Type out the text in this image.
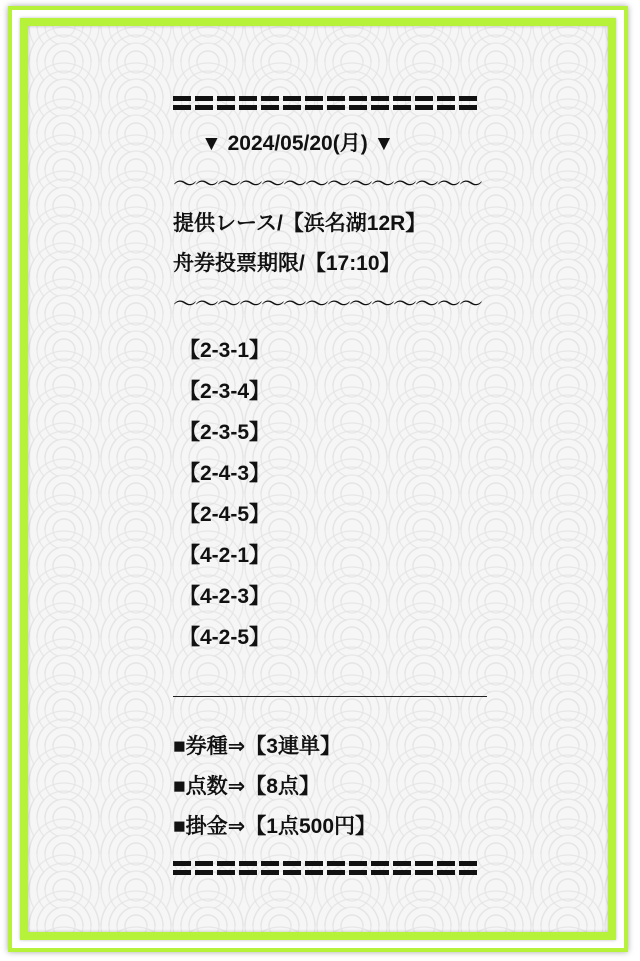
▼ 2024/05/20(月) ▼
〜〜〜〜〜〜〜〜〜〜〜〜〜〜
提供レース/【浜名湖12R】
舟券投票期限/【17:10】
〜〜〜〜〜〜〜〜〜〜〜〜〜〜
【2-3-1】
【2-3-4】
【2-3-5】
【2-4-3】
【2-4-5】
【4-2-1】
【4-2-3】
【4-2-5】
■券種⇒【3連単】
■点数⇒【8点】
■掛金⇒【1点500円】
